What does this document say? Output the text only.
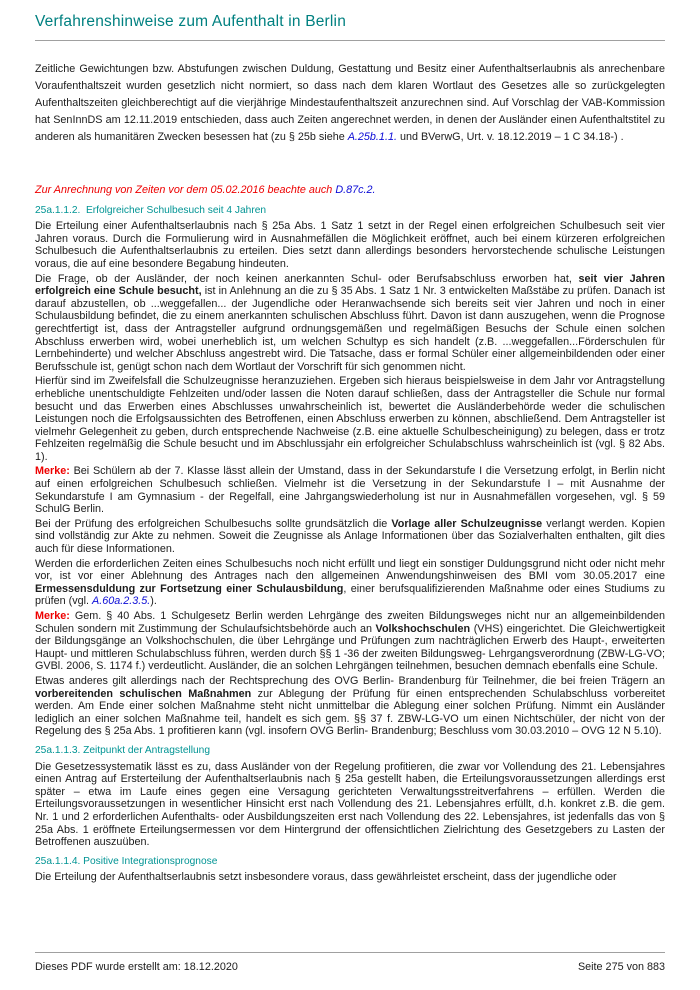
Verfahrenshinweise zum Aufenthalt in Berlin

Zeitliche Gewichtungen bzw. Abstufungen zwischen Duldung, Gestattung und Besitz einer Aufenthaltserlaubnis als anrechenbare Voraufenthaltszeit wurden gesetzlich nicht normiert, so dass nach dem klaren Wortlaut des Gesetzes alle so zurückgelegten Aufenthaltszeiten gleichberechtigt auf die vierjährige Mindestaufenthaltszeit anzurechnen sind. Auf Vorschlag der VAB-Kommission hat SenInnDS am 12.11.2019 entschieden, dass auch Zeiten angerechnet werden, in denen der Ausländer einen Aufenthaltstitel zu anderen als humanitären Zwecken besessen hat (zu § 25b siehe A.25b.1.1. und BVerwG, Urt. v. 18.12.2019 – 1 C 34.18-) .

Zur Anrechnung von Zeiten vor dem 05.02.2016 beachte auch D.87c.2.

25a.1.1.2.  Erfolgreicher Schulbesuch seit 4 Jahren

Die Erteilung einer Aufenthaltserlaubnis nach § 25a Abs. 1 Satz 1 setzt in der Regel einen erfolgreichen Schulbesuch seit vier Jahren voraus. Durch die Formulierung wird in Ausnahmefällen die Möglichkeit eröffnet, auch bei einem kürzeren erfolgreichen Schulbesuch die Aufenthaltserlaubnis zu erteilen. Dies setzt dann allerdings besonders hervorstechende schulische Leistungen voraus, die auf eine besondere Begabung hindeuten.

Die Frage, ob der Ausländer, der noch keinen anerkannten Schul- oder Berufsabschluss erworben hat, seit vier Jahren erfolgreich eine Schule besucht, ist in Anlehnung an die zu § 35 Abs. 1 Satz 1 Nr. 3 entwickelten Maßstäbe zu prüfen. Danach ist darauf abzustellen, ob ...weggefallen... der Jugendliche oder Heranwachsende sich bereits seit vier Jahren und noch in einer Schulausbildung befindet, die zu einem anerkannten schulischen Abschluss führt. Davon ist dann auszugehen, wenn die Prognose gerechtfertigt ist, dass der Antragsteller aufgrund ordnungsgemäßen und regelmäßigen Besuchs der Schule einen solchen Abschluss erwerben wird, wobei unerheblich ist, um welchen Schultyp es sich handelt (z.B. ...weggefallen...Förderschulen für Lernbehinderte) und welcher Abschluss angestrebt wird. Die Tatsache, dass er formal Schüler einer allgemeinbildenden oder einer Berufsschule ist, genügt schon nach dem Wortlaut der Vorschrift für sich genommen nicht.

Hierfür sind im Zweifelsfall die Schulzeugnisse heranzuziehen. Ergeben sich hieraus beispielsweise in dem Jahr vor Antragstellung erhebliche unentschuldigte Fehlzeiten und/oder lassen die Noten darauf schließen, dass der Antragsteller die Schule nur formal besucht und das Erwerben eines Abschlusses unwahrscheinlich ist, bewertet die Ausländerbehörde weder die schulischen Leistungen noch die Erfolgsaussichten des Betroffenen, einen Abschluss erwerben zu können, abschließend. Dem Antragsteller ist vielmehr Gelegenheit zu geben, durch entsprechende Nachweise (z.B. eine aktuelle Schulbescheinigung) zu belegen, dass er trotz Fehlzeiten regelmäßig die Schule besucht und im Abschlussjahr ein erfolgreicher Schulabschluss wahrscheinlich ist (vgl. § 82 Abs. 1).

Merke: Bei Schülern ab der 7. Klasse lässt allein der Umstand, dass in der Sekundarstufe I die Versetzung erfolgt, in Berlin nicht auf einen erfolgreichen Schulbesuch schließen. Vielmehr ist die Versetzung in der Sekundarstufe I – mit Ausnahme der Sekundarstufe I am Gymnasium - der Regelfall, eine Jahrgangswiederholung ist nur in Ausnahmefällen vorgesehen, vgl. § 59 SchulG Berlin.

Bei der Prüfung des erfolgreichen Schulbesuchs sollte grundsätzlich die Vorlage aller Schulzeugnisse verlangt werden. Kopien sind vollständig zur Akte zu nehmen. Soweit die Zeugnisse als Anlage Informationen über das Sozialverhalten enthalten, gilt dies auch für diese Informationen.

Werden die erforderlichen Zeiten eines Schulbesuchs noch nicht erfüllt und liegt ein sonstiger Duldungsgrund nicht oder nicht mehr vor, ist vor einer Ablehnung des Antrages nach den allgemeinen Anwendungshinweisen des BMI vom 30.05.2017 eine Ermessensduldung zur Fortsetzung einer Schulausbildung, einer berufsqualifizierenden Maßnahme oder eines Studiums zu prüfen (vgl. A.60a.2.3.5.).

Merke: Gem. § 40 Abs. 1 Schulgesetz Berlin werden Lehrgänge des zweiten Bildungsweges nicht nur an allgemeinbildenden Schulen sondern mit Zustimmung der Schulaufsichtsbehörde auch an Volkshochschulen (VHS) eingerichtet. Die Gleichwertigkeit der Bildungsgänge an Volkshochschulen, die über Lehrgänge und Prüfungen zum nachträglichen Erwerb des Haupt-, erweiterten Haupt- und mittleren Schulabschluss führen, werden durch §§ 1 -36 der zweiten Bildungsweg- Lehrgangsverordnung (ZBW-LG-VO; GVBl. 2006, S. 1174 f.) verdeutlicht. Ausländer, die an solchen Lehrgängen teilnehmen, besuchen demnach ebenfalls eine Schule.

Etwas anderes gilt allerdings nach der Rechtsprechung des OVG Berlin- Brandenburg für Teilnehmer, die bei freien Trägern an vorbereitenden schulischen Maßnahmen zur Ablegung der Prüfung für einen entsprechenden Schulabschluss vorbereitet werden. Am Ende einer solchen Maßnahme steht nicht unmittelbar die Ablegung einer solchen Prüfung. Nimmt ein Ausländer lediglich an einer solchen Maßnahme teil, handelt es sich gem. §§ 37 f. ZBW-LG-VO um einen Nichtschüler, der nicht von der Regelung des § 25a Abs. 1 profitieren kann (vgl. insofern OVG Berlin- Brandenburg; Beschluss vom 30.03.2010 – OVG 12 N 5.10).

25a.1.1.3. Zeitpunkt der Antragstellung

Die Gesetzessystematik lässt es zu, dass Ausländer von der Regelung profitieren, die zwar vor Vollendung des 21. Lebensjahres einen Antrag auf Ersterteilung der Aufenthaltserlaubnis nach § 25a gestellt haben, die Erteilungsvoraussetzungen allerdings erst später – etwa im Laufe eines gegen eine Versagung gerichteten Verwaltungsstreitverfahrens – erfüllen. Werden die Erteilungsvoraussetzungen in wesentlicher Hinsicht erst nach Vollendung des 21. Lebensjahres erfüllt, d.h. konkret z.B. die gem. Nr. 1 und 2 erforderlichen Aufenthalts- oder Ausbildungszeiten erst nach Vollendung des 22. Lebensjahres, ist jedenfalls das von § 25a Abs. 1 eröffnete Erteilungsermessen vor dem Hintergrund der offensichtlichen Zielrichtung des Gesetzgebers zu Lasten der Betroffenen auszuüben.

25a.1.1.4. Positive Integrationsprognose

Die Erteilung der Aufenthaltserlaubnis setzt insbesondere voraus, dass gewährleistet erscheint, dass der jugendliche oder

Dieses PDF wurde erstellt am: 18.12.2020	Seite 275 von 883
